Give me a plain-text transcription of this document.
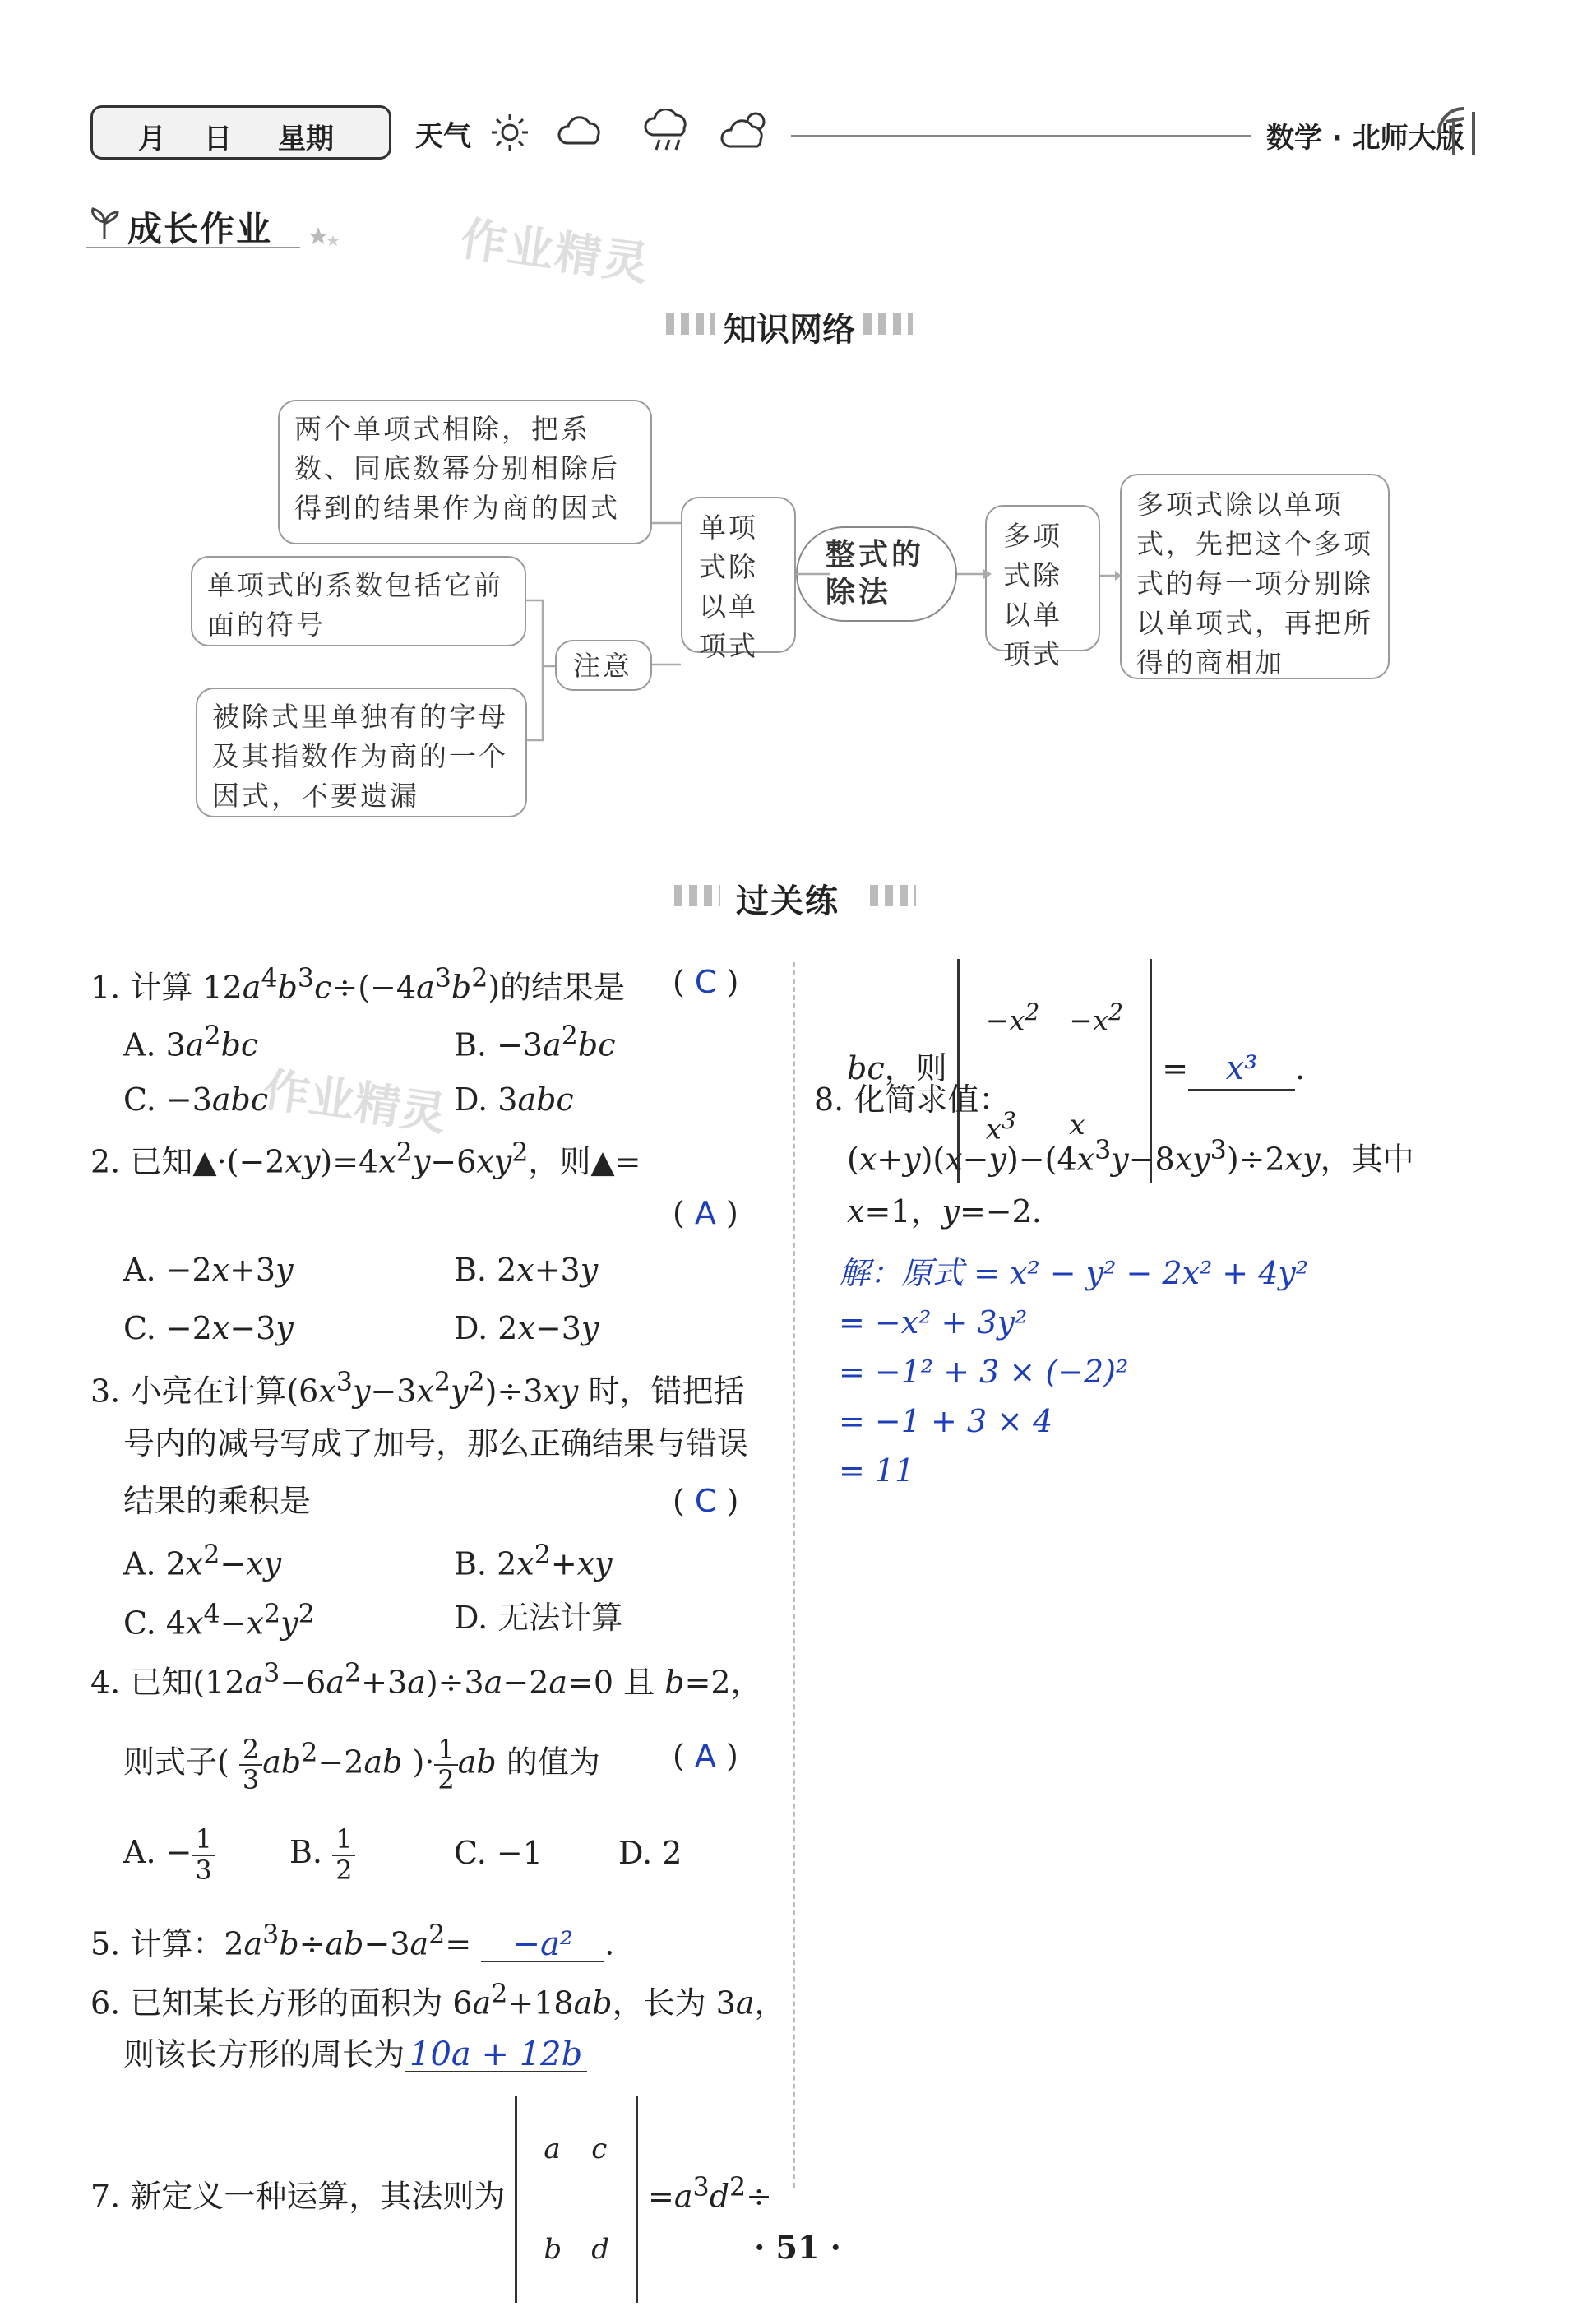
月 日 星期	天气	数学 · 北师大版
成长作业	作业精灵
知识网络
两个单项式相除，把系数、同底数幂分别相除后得到的结果作为商的因式
单项式的系数包括它前面的符号
被除式里单独有的字母及其指数作为商的一个因式，不要遗漏
注意
单项式除以单项式
整式的除法
多项式除以单项式
多项式除以单项式，先把这个多项式的每一项分别除以单项式，再把所得的商相加
过关练
1. 计算 $12a^4b^3c\div(-4a^3b^2)$的结果是 ( C )
A. $3a^2bc$	B. $-3a^2bc$
C. −3abc	D. 3abc
作业精灵
2. 已知$▲\cdot(-2xy)=4x^2y-6xy^2$，则▲=
( A )
A. −2x+3y	B. 2x+3y
C. −2x−3y	D. 2x−3y
3. 小亮在计算$(6x^3y-3x^2y^2)\div 3xy$ 时，错把括
号内的减号写成了加号，那么正确结果与错误
结果的乘积是	( C )
A. $2x^2-xy$	B. $2x^2+xy$
C. $4x^4-x^2y^2$	D. 无法计算
4. 已知$(12a^3-6a^2+3a)\div 3a-2a=0$ 且 b=2，
则式子( $\frac{2}{3} ab^2-2ab$ )· $\frac{1}{2}$ ab 的值为 ( A )
A. − $\frac{1}{3} B$. $\frac{1}{2}$	C. −1 D. 2
5. 计算：$2a^3b\div ab-3a^2= -a^2$ .
6. 已知某长方形的面积为 $6a^2+18ab$，长为 3a，
则该长方形的周长为 10a + 12b
7. 新定义一种运算，其法则为
a	c
b	d
$=a^3d^2\div$
bc，则
$-x^2$	$-x^2$
$x^3$	x
= x³ .
8. 化简求值：
$(x+y)(x-y)-(4x^3y-8xy^3)\div 2xy$，其中
x=1，y=−2.
解：原式 = x² − y² − 2x² + 4y²
= −x² + 3y²
= −1² + 3 × (−2)²
= −1 + 3 × 4
= 11
· 51 ·
